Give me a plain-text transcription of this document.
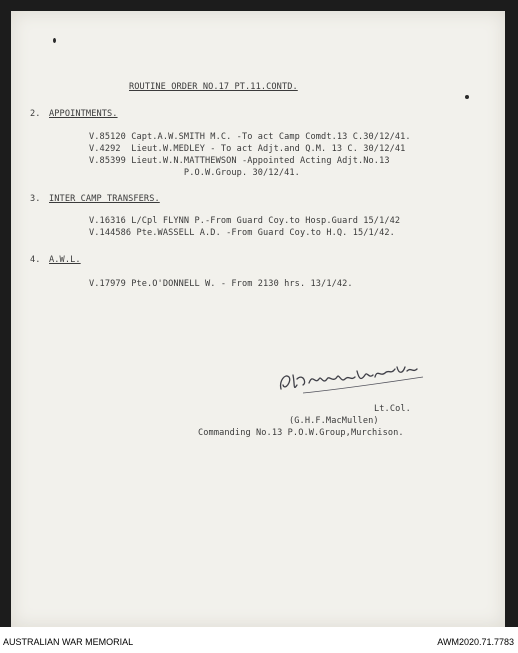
ROUTINE ORDER NO.17 PT.11.CONTD.
2. APPOINTMENTS.
V.85120 Capt.A.W.SMITH M.C. -To act Camp Comdt.13 C.30/12/41.
V.4292  Lieut.W.MEDLEY - To act Adjt.and Q.M. 13 C. 30/12/41
V.85399 Lieut.W.N.MATTHEWSON -Appointed Acting Adjt.No.13
P.O.W.Group. 30/12/41.
3. INTER CAMP TRANSFERS.
V.16316 L/Cpl FLYNN P.-From Guard Coy.to Hosp.Guard 15/1/42
V.144586 Pte.WASSELL A.D. -From Guard Coy.to H.Q. 15/1/42.
4. A.W.L.
V.17979 Pte.O'DONNELL W. - From 2130 hrs. 13/1/42.
Lt.Col.
(G.H.F.MacMullen)
Commanding No.13 P.O.W.Group,Murchison.
AUSTRALIAN WAR MEMORIAL	AWM2020.71.7783
